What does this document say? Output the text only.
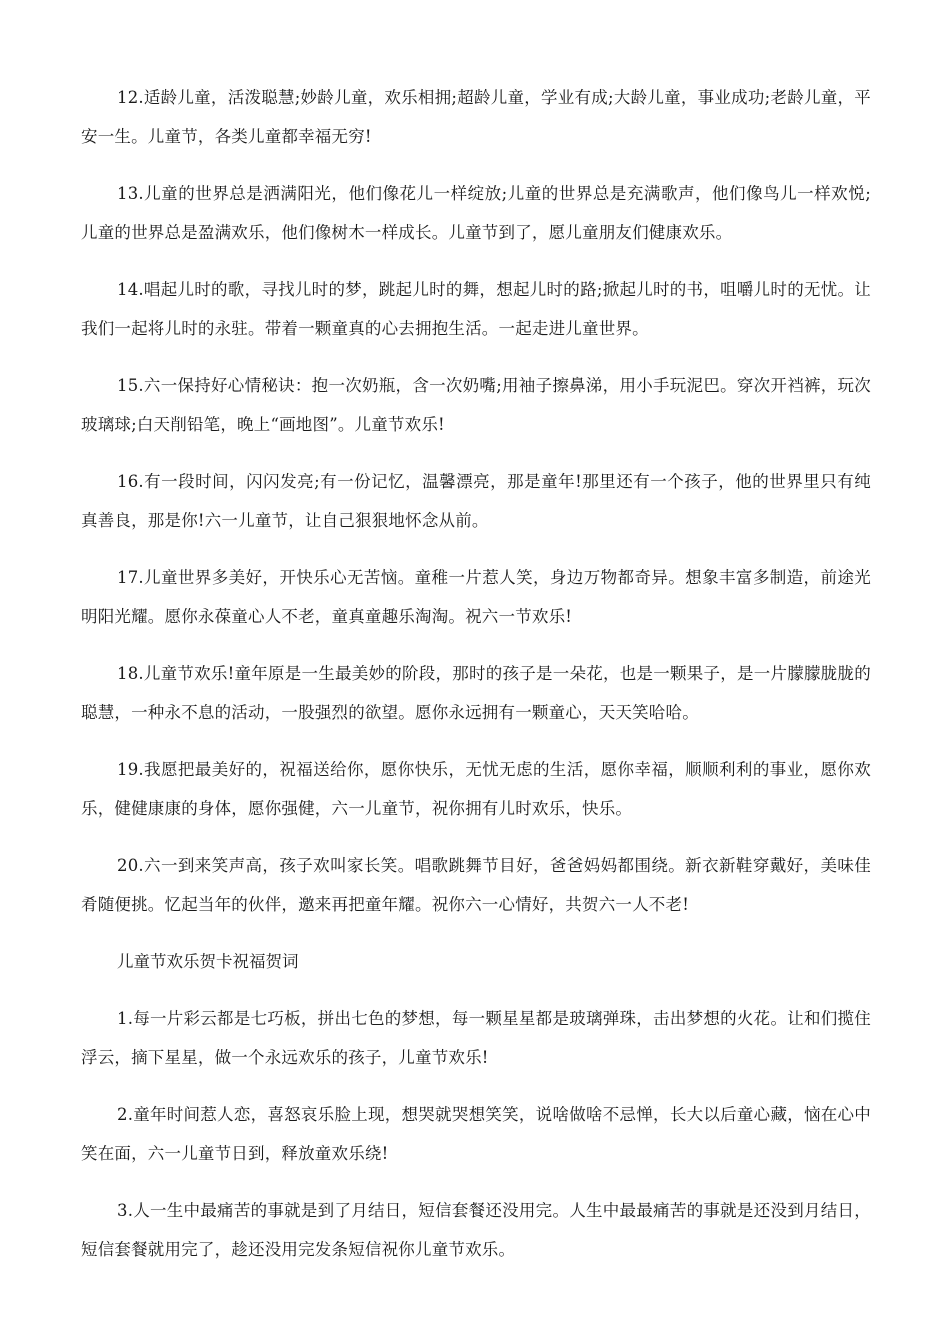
12.适龄儿童，活泼聪慧;妙龄儿童，欢乐相拥;超龄儿童，学业有成;大龄儿童，事业成功;老龄儿童，平安一生。儿童节，各类儿童都幸福无穷!

13.儿童的世界总是洒满阳光，他们像花儿一样绽放;儿童的世界总是充满歌声，他们像鸟儿一样欢悦;儿童的世界总是盈满欢乐，他们像树木一样成长。儿童节到了，愿儿童朋友们健康欢乐。

14.唱起儿时的歌，寻找儿时的梦，跳起儿时的舞，想起儿时的路;掀起儿时的书，咀嚼儿时的无忧。让我们一起将儿时的永驻。带着一颗童真的心去拥抱生活。一起走进儿童世界。

15.六一保持好心情秘诀：抱一次奶瓶，含一次奶嘴;用袖子擦鼻涕，用小手玩泥巴。穿次开裆裤，玩次玻璃球;白天削铅笔，晚上“画地图”。儿童节欢乐!

16.有一段时间，闪闪发亮;有一份记忆，温馨漂亮，那是童年!那里还有一个孩子，他的世界里只有纯真善良，那是你!六一儿童节，让自己狠狠地怀念从前。

17.儿童世界多美好，开快乐心无苦恼。童稚一片惹人笑，身边万物都奇异。想象丰富多制造，前途光明阳光耀。愿你永葆童心人不老，童真童趣乐淘淘。祝六一节欢乐!

18.儿童节欢乐!童年原是一生最美妙的阶段，那时的孩子是一朵花，也是一颗果子，是一片朦朦胧胧的聪慧，一种永不息的活动，一股强烈的欲望。愿你永远拥有一颗童心，天天笑哈哈。

19.我愿把最美好的，祝福送给你，愿你快乐，无忧无虑的生活，愿你幸福，顺顺利利的事业，愿你欢乐，健健康康的身体，愿你强健，六一儿童节，祝你拥有儿时欢乐，快乐。

20.六一到来笑声高，孩子欢叫家长笑。唱歌跳舞节目好，爸爸妈妈都围绕。新衣新鞋穿戴好，美味佳肴随便挑。忆起当年的伙伴，邀来再把童年耀。祝你六一心情好，共贺六一人不老!

儿童节欢乐贺卡祝福贺词

1.每一片彩云都是七巧板，拼出七色的梦想，每一颗星星都是玻璃弹珠，击出梦想的火花。让和们揽住浮云，摘下星星，做一个永远欢乐的孩子，儿童节欢乐!

2.童年时间惹人恋，喜怒哀乐脸上现，想哭就哭想笑笑，说啥做啥不忌惮，长大以后童心藏，恼在心中笑在面，六一儿童节日到，释放童欢乐绕!

3.人一生中最痛苦的事就是到了月结日，短信套餐还没用完。人生中最最痛苦的事就是还没到月结日，短信套餐就用完了，趁还没用完发条短信祝你儿童节欢乐。
